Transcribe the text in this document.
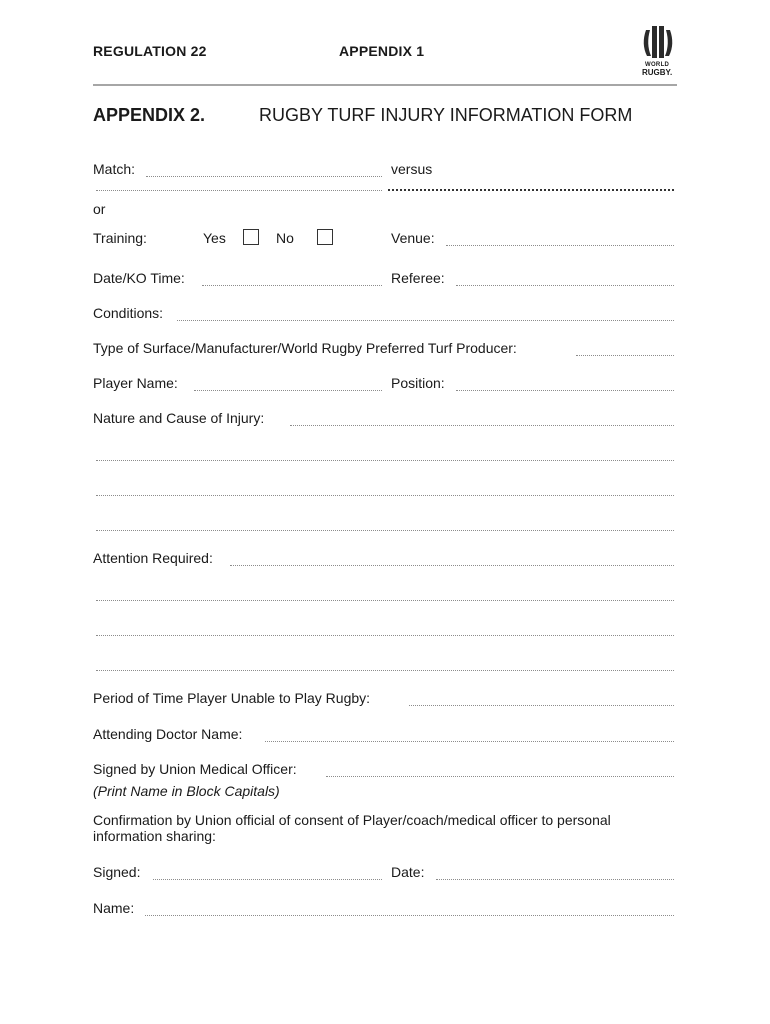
REGULATION 22	APPENDIX 1
WORLD
RUGBY.
APPENDIX 2.	RUGBY TURF INJURY INFORMATION FORM
Match:	versus
or
Training:	Yes	No	Venue:
Date/KO Time:	Referee:
Conditions:
Type of Surface/Manufacturer/World Rugby Preferred Turf Producer:
Player Name:	Position:
Nature and Cause of Injury:
Attention Required:
Period of Time Player Unable to Play Rugby:
Attending Doctor Name:
Signed by Union Medical Officer:
(Print Name in Block Capitals)
Confirmation by Union official of consent of Player/coach/medical officer to personal information sharing:
Signed:	Date:
Name:
